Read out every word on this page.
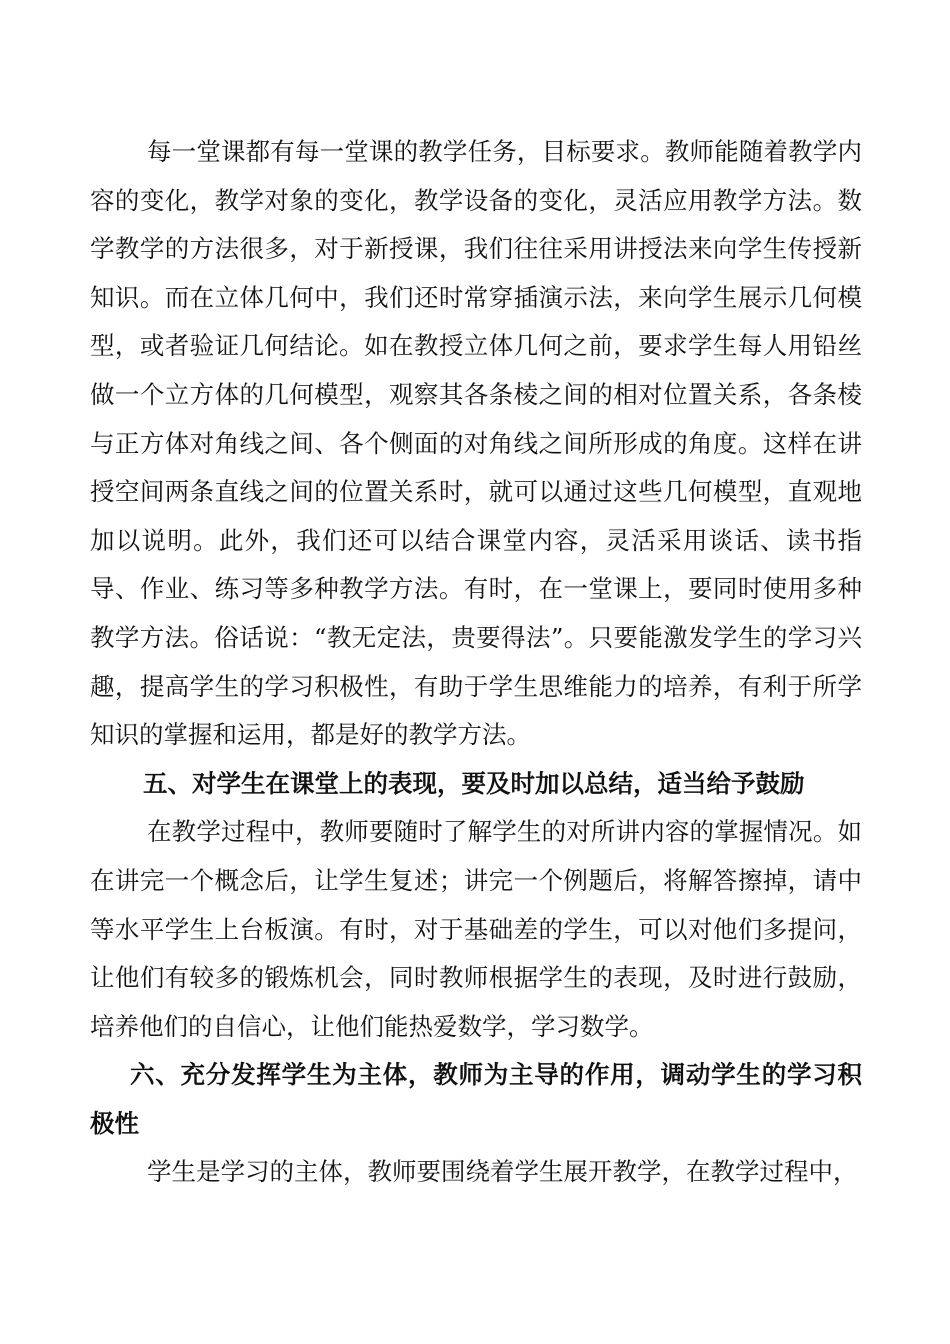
每一堂课都有每一堂课的教学任务，目标要求。教师能随着教学内容的变化，教学对象的变化，教学设备的变化，灵活应用教学方法。数学教学的方法很多，对于新授课，我们往往采用讲授法来向学生传授新知识。而在立体几何中，我们还时常穿插演示法，来向学生展示几何模型，或者验证几何结论。如在教授立体几何之前，要求学生每人用铅丝做一个立方体的几何模型，观察其各条棱之间的相对位置关系，各条棱与正方体对角线之间、各个侧面的对角线之间所形成的角度。这样在讲授空间两条直线之间的位置关系时，就可以通过这些几何模型，直观地加以说明。此外，我们还可以结合课堂内容，灵活采用谈话、读书指导、作业、练习等多种教学方法。有时，在一堂课上，要同时使用多种教学方法。俗话说：“教无定法，贵要得法”。只要能激发学生的学习兴趣，提高学生的学习积极性，有助于学生思维能力的培养，有利于所学知识的掌握和运用，都是好的教学方法。

五、对学生在课堂上的表现，要及时加以总结，适当给予鼓励

在教学过程中，教师要随时了解学生的对所讲内容的掌握情况。如在讲完一个概念后，让学生复述；讲完一个例题后，将解答擦掉，请中等水平学生上台板演。有时，对于基础差的学生，可以对他们多提问，让他们有较多的锻炼机会，同时教师根据学生的表现，及时进行鼓励，培养他们的自信心，让他们能热爱数学，学习数学。

六、充分发挥学生为主体，教师为主导的作用，调动学生的学习积极性

学生是学习的主体，教师要围绕着学生展开教学，在教学过程中，
